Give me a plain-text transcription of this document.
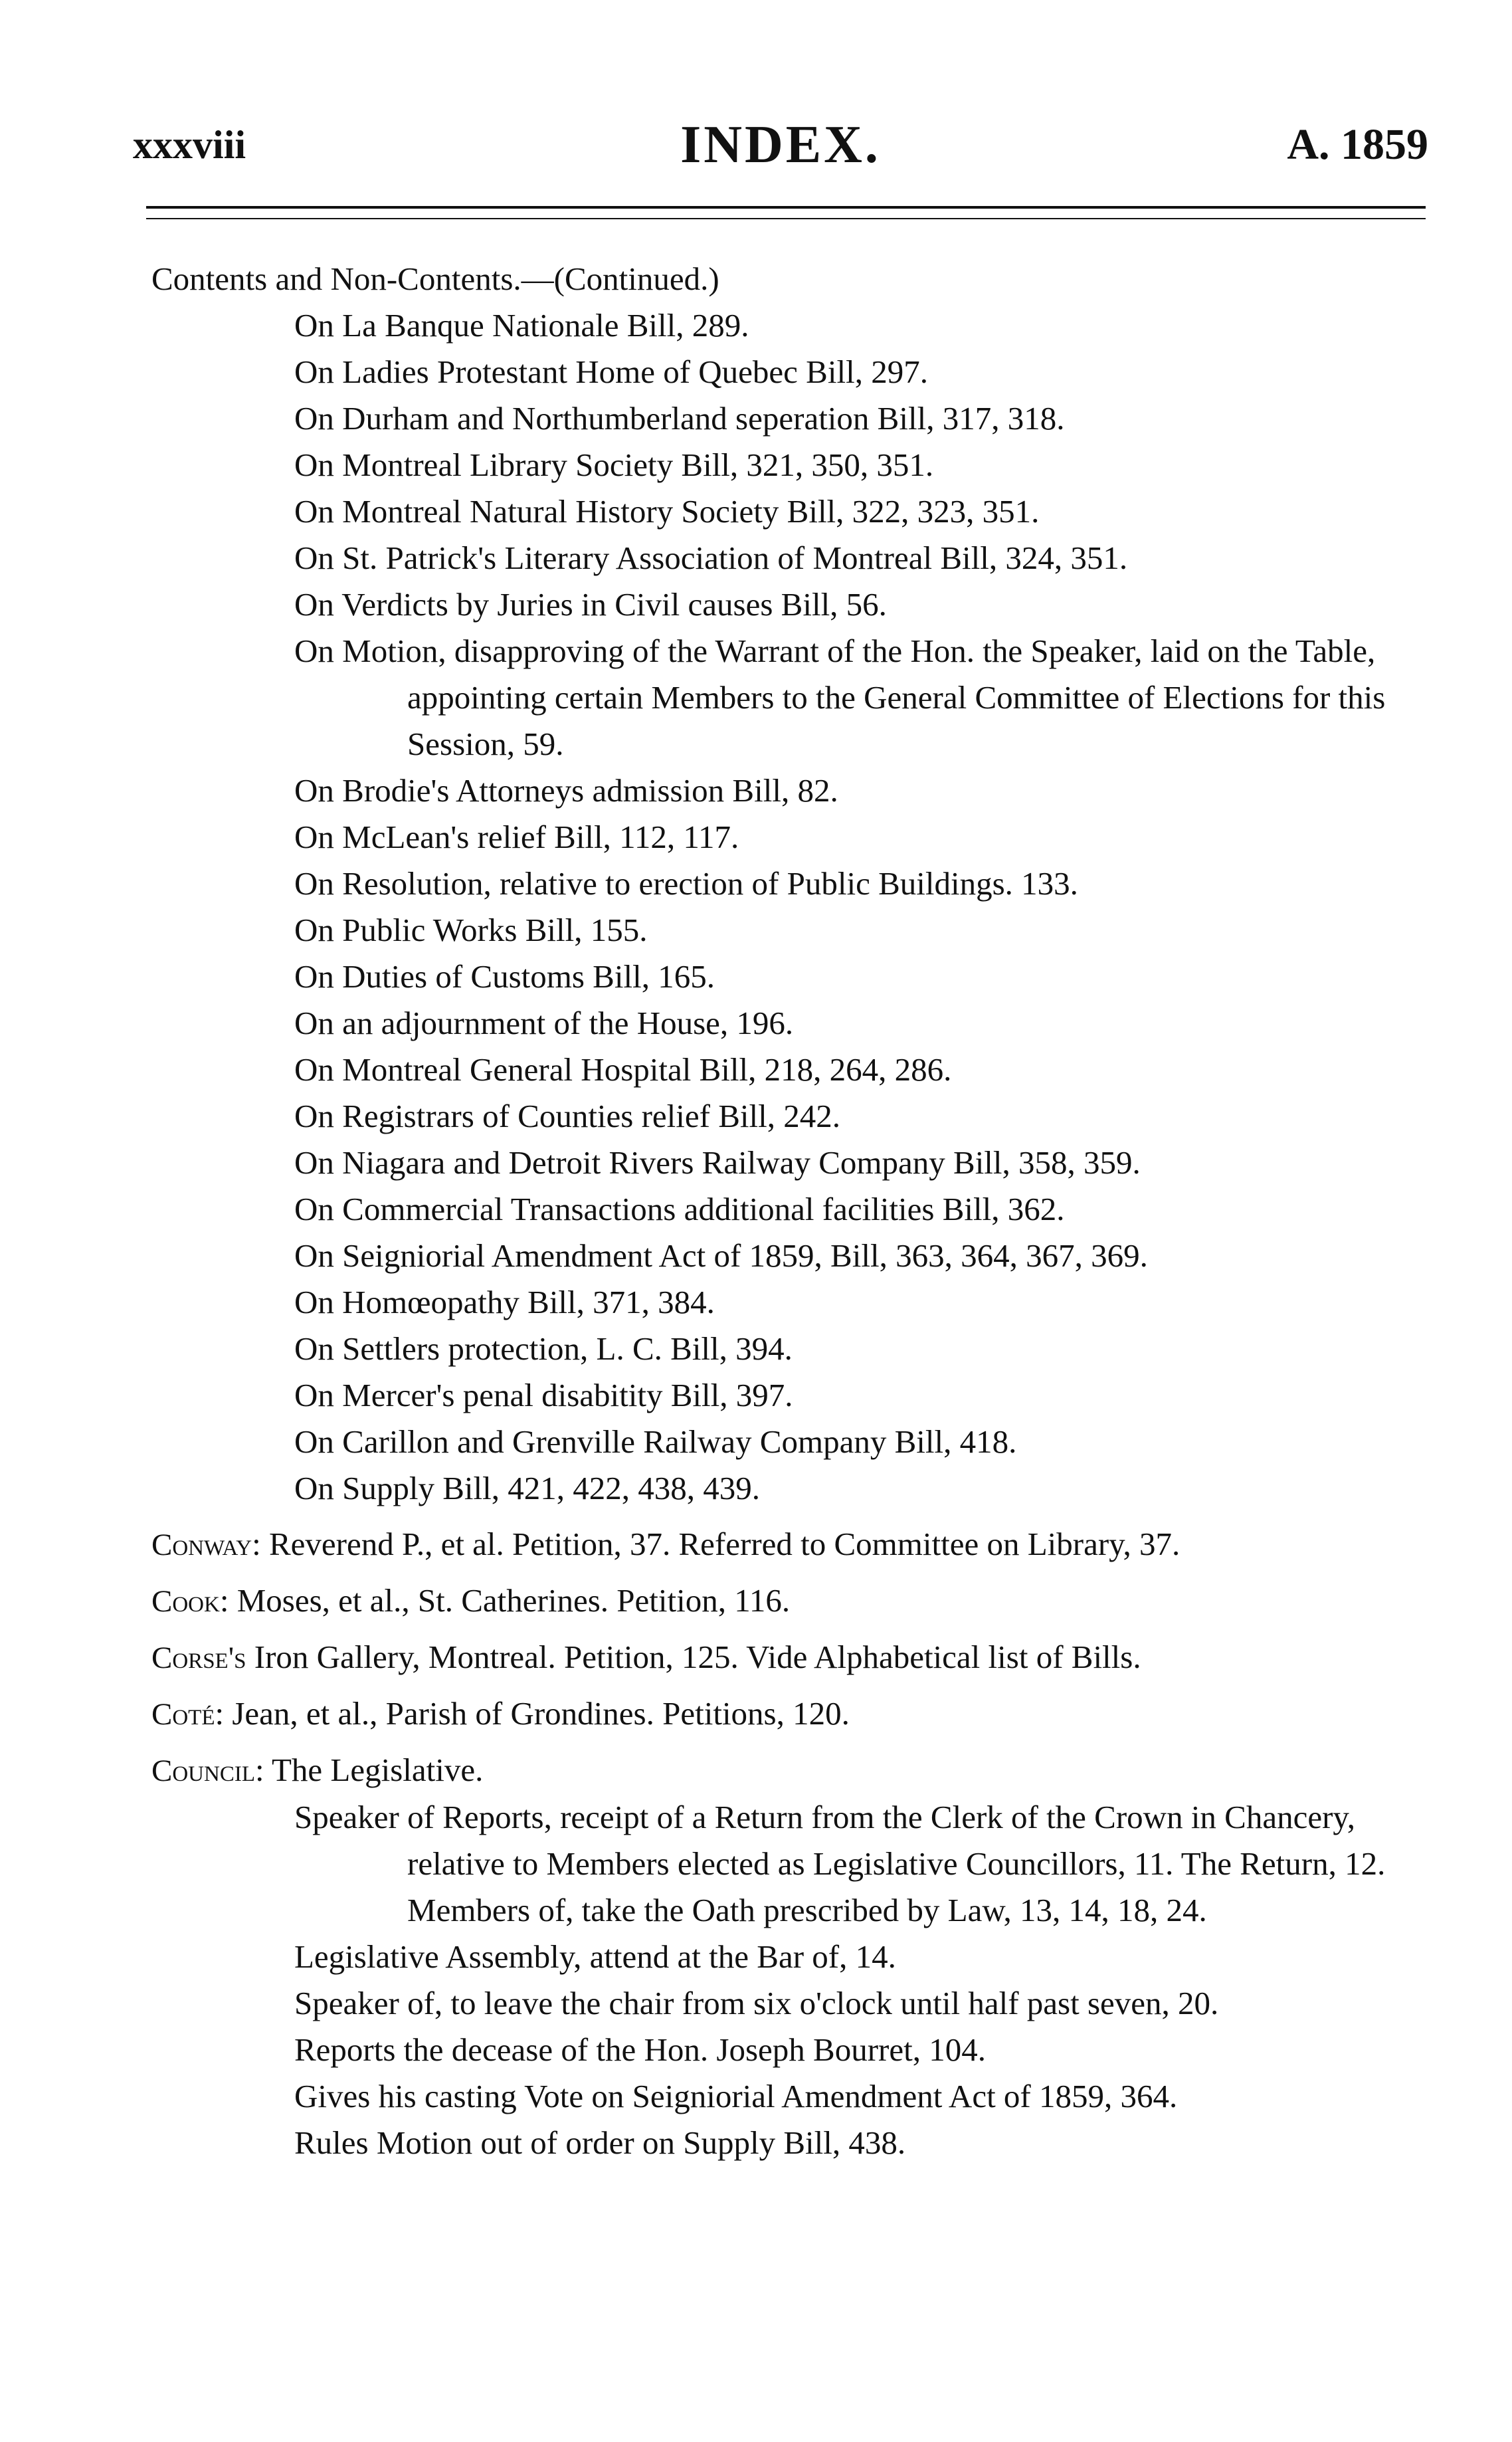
xxxviii	INDEX.	A. 1859

Contents and Non-Contents.—(Continued.)

On La Banque Nationale Bill, 289.

On Ladies Protestant Home of Quebec Bill, 297.

On Durham and Northumberland seperation Bill, 317, 318.

On Montreal Library Society Bill, 321, 350, 351.

On Montreal Natural History Society Bill, 322, 323, 351.

On St. Patrick's Literary Association of Montreal Bill, 324, 351.

On Verdicts by Juries in Civil causes Bill, 56.

On Motion, disapproving of the Warrant of the Hon. the Speaker, laid on the Table, appointing certain Members to the General Committee of Elections for this Session, 59.

On Brodie's Attorneys admission Bill, 82.

On McLean's relief Bill, 112, 117.

On Resolution, relative to erection of Public Buildings. 133.

On Public Works Bill, 155.

On Duties of Customs Bill, 165.

On an adjournment of the House, 196.

On Montreal General Hospital Bill, 218, 264, 286.

On Registrars of Counties relief Bill, 242.

On Niagara and Detroit Rivers Railway Company Bill, 358, 359.

On Commercial Transactions additional facilities Bill, 362.

On Seigniorial Amendment Act of 1859, Bill, 363, 364, 367, 369.

On Homœopathy Bill, 371, 384.

On Settlers protection, L. C. Bill, 394.

On Mercer's penal disabitity Bill, 397.

On Carillon and Grenville Railway Company Bill, 418.

On Supply Bill, 421, 422, 438, 439.

Conway: Reverend P., et al. Petition, 37. Referred to Committee on Library, 37.

Cook: Moses, et al., St. Catherines. Petition, 116.

Corse's Iron Gallery, Montreal. Petition, 125. Vide Alphabetical list of Bills.

Coté: Jean, et al., Parish of Grondines. Petitions, 120.

Council: The Legislative.

Speaker of Reports, receipt of a Return from the Clerk of the Crown in Chancery, relative to Members elected as Legislative Councillors, 11. The Return, 12. Members of, take the Oath prescribed by Law, 13, 14, 18, 24.

Legislative Assembly, attend at the Bar of, 14.

Speaker of, to leave the chair from six o'clock until half past seven, 20.

Reports the decease of the Hon. Joseph Bourret, 104.

Gives his casting Vote on Seigniorial Amendment Act of 1859, 364.

Rules Motion out of order on Supply Bill, 438.
